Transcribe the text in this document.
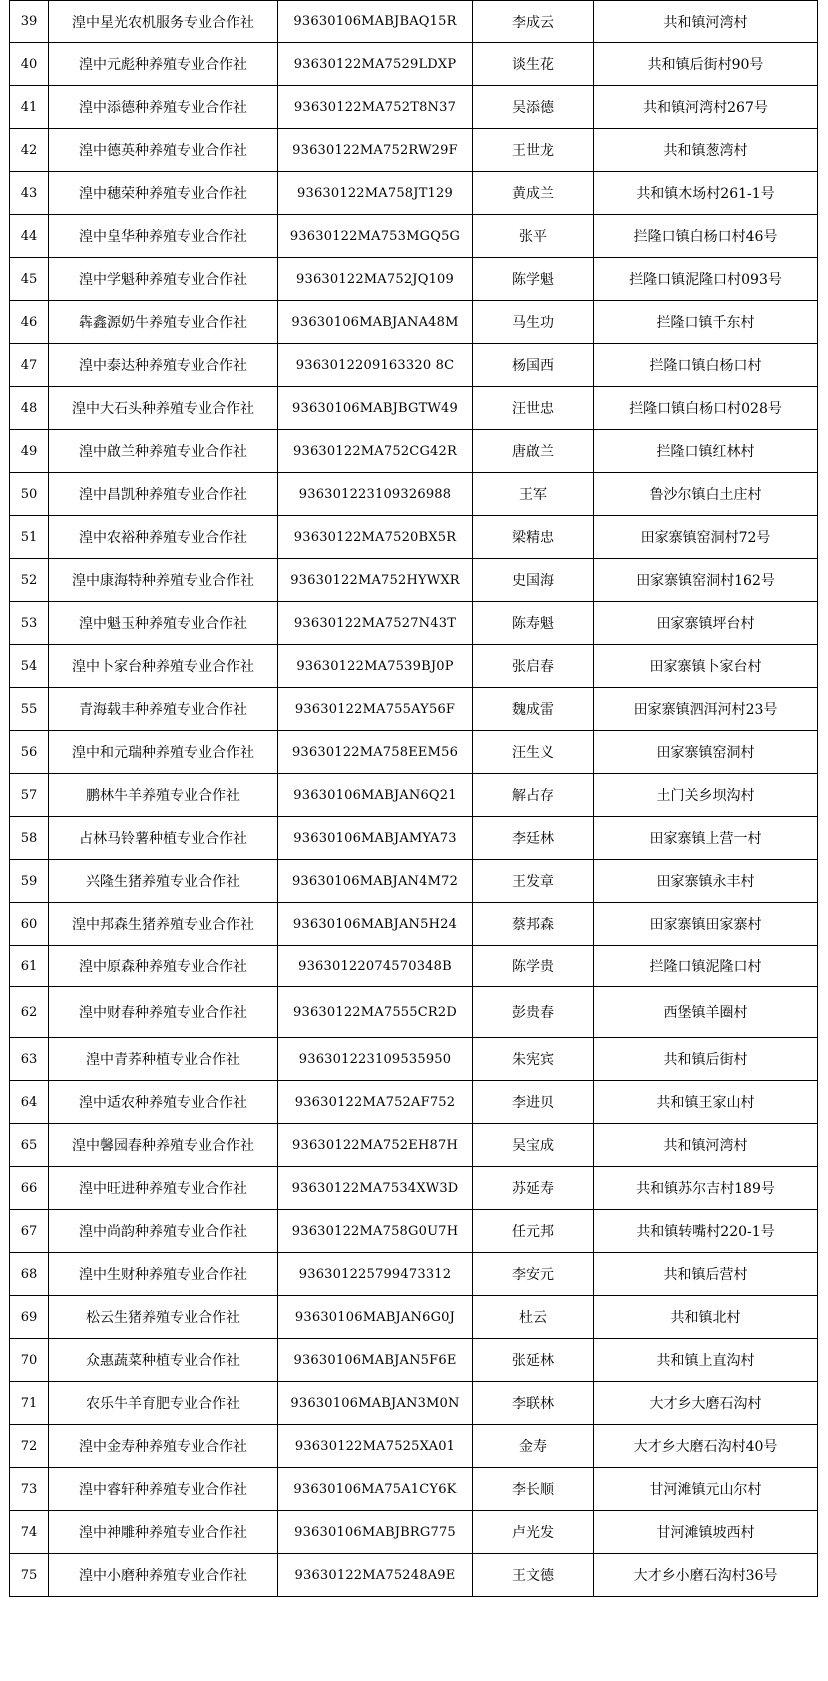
39	湟中星光农机服务专业合作社	93630106MABJBAQ15R	李成云	共和镇河湾村
40	湟中元彪种养殖专业合作社	93630122MA7529LDXP	谈生花	共和镇后街村90号
41	湟中添德种养殖专业合作社	93630122MA752T8N37	吴添德	共和镇河湾村267号
42	湟中德英种养殖专业合作社	93630122MA752RW29F	王世龙	共和镇葱湾村
43	湟中穗荣种养殖专业合作社	93630122MA758JT129	黄成兰	共和镇木场村261-1号
44	湟中皇华种养殖专业合作社	93630122MA753MGQ5G	张平	拦隆口镇白杨口村46号
45	湟中学魁种养殖专业合作社	93630122MA752JQ109	陈学魁	拦隆口镇泥隆口村093号
46	犇鑫源奶牛养殖专业合作社	93630106MABJANA48M	马生功	拦隆口镇千东村
47	湟中泰达种养殖专业合作社	9363012209163320 8C	杨国西	拦隆口镇白杨口村
48	湟中大石头种养殖专业合作社	93630106MABJBGTW49	汪世忠	拦隆口镇白杨口村028号
49	湟中啟兰种养殖专业合作社	93630122MA752CG42R	唐啟兰	拦隆口镇红林村
50	湟中昌凯种养殖专业合作社	936301223109326988	王军	鲁沙尔镇白土庄村
51	湟中农裕种养殖专业合作社	93630122MA7520BX5R	梁精忠	田家寨镇窑洞村72号
52	湟中康海特种养殖专业合作社	93630122MA752HYWXR	史国海	田家寨镇窑洞村162号
53	湟中魁玉种养殖专业合作社	93630122MA7527N43T	陈寿魁	田家寨镇坪台村
54	湟中卜家台种养殖专业合作社	93630122MA7539BJ0P	张启春	田家寨镇卜家台村
55	青海载丰种养殖专业合作社	93630122MA755AY56F	魏成雷	田家寨镇泗洱河村23号
56	湟中和元瑞种养殖专业合作社	93630122MA758EEM56	汪生义	田家寨镇窑洞村
57	鹏林牛羊养殖专业合作社	93630106MABJAN6Q21	解占存	土门关乡坝沟村
58	占林马铃薯种植专业合作社	93630106MABJAMYA73	李廷林	田家寨镇上营一村
59	兴隆生猪养殖专业合作社	93630106MABJAN4M72	王发章	田家寨镇永丰村
60	湟中邦森生猪养殖专业合作社	93630106MABJAN5H24	蔡邦森	田家寨镇田家寨村
61	湟中原森种养殖专业合作社	93630122074570348B	陈学贵	拦隆口镇泥隆口村
62	湟中财春种养殖专业合作社	93630122MA7555CR2D	彭贵春	西堡镇羊圈村
63	湟中青荞种植专业合作社	936301223109535950	朱宪宾	共和镇后街村
64	湟中适农种养殖专业合作社	93630122MA752AF752	李进贝	共和镇王家山村
65	湟中馨园春种养殖专业合作社	93630122MA752EH87H	吴宝成	共和镇河湾村
66	湟中旺进种养殖专业合作社	93630122MA7534XW3D	苏延寿	共和镇苏尔吉村189号
67	湟中尚韵种养殖专业合作社	93630122MA758G0U7H	任元邦	共和镇转嘴村220-1号
68	湟中生财种养殖专业合作社	936301225799473312	李安元	共和镇后营村
69	松云生猪养殖专业合作社	93630106MABJAN6G0J	杜云	共和镇北村
70	众惠蔬菜种植专业合作社	93630106MABJAN5F6E	张延林	共和镇上直沟村
71	农乐牛羊育肥专业合作社	93630106MABJAN3M0N	李联林	大才乡大磨石沟村
72	湟中金寿种养殖专业合作社	93630122MA7525XA01	金寿	大才乡大磨石沟村40号
73	湟中睿轩种养殖专业合作社	93630106MA75A1CY6K	李长顺	甘河滩镇元山尔村
74	湟中神雕种养殖专业合作社	93630106MABJBRG775	卢光发	甘河滩镇坡西村
75	湟中小磨种养殖专业合作社	93630122MA75248A9E	王文德	大才乡小磨石沟村36号
